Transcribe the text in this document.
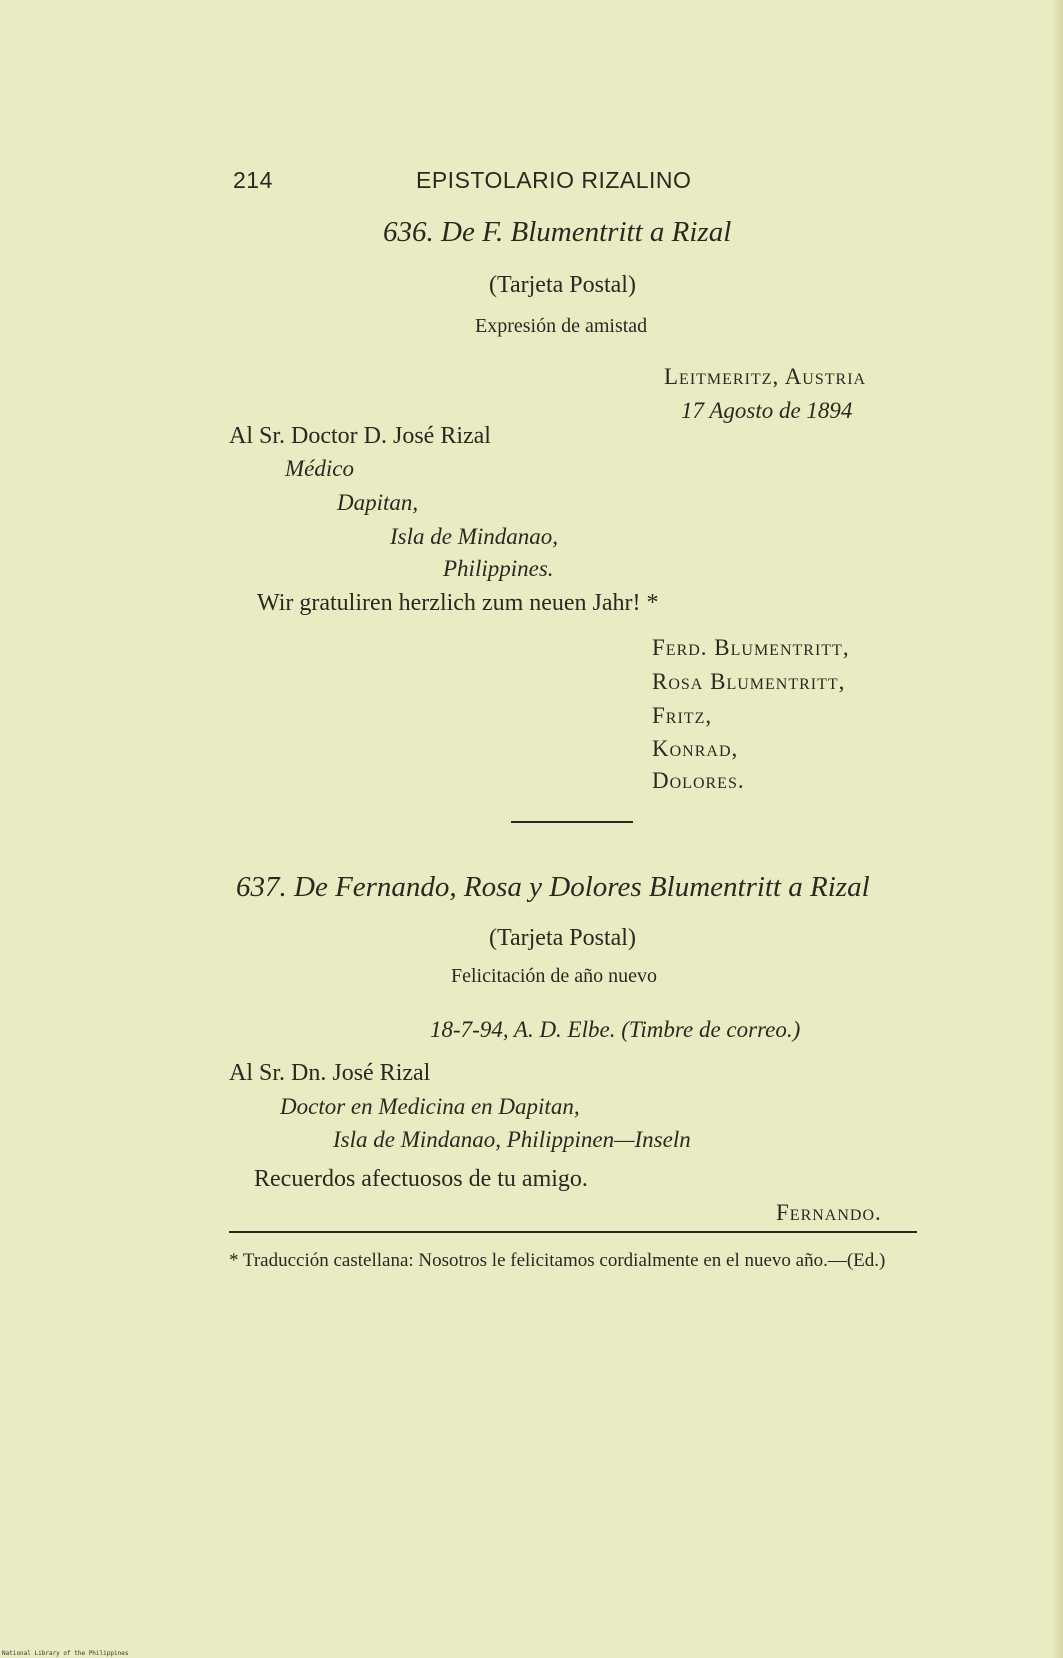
214	EPISTOLARIO RIZALINO
636. De F. Blumentritt a Rizal
(Tarjeta Postal)
Expresión de amistad
Leitmeritz, Austria
17 Agosto de 1894
Al Sr. Doctor D. José Rizal
Médico
Dapitan,
Isla de Mindanao,
Philippines.
Wir gratuliren herzlich zum neuen Jahr! *
Ferd. Blumentritt,
Rosa Blumentritt,
Fritz,
Konrad,
Dolores.
637. De Fernando, Rosa y Dolores Blumentritt a Rizal
(Tarjeta Postal)
Felicitación de año nuevo
18-7-94, A. D. Elbe. (Timbre de correo.)
Al Sr. Dn. José Rizal
Doctor en Medicina en Dapitan,
Isla de Mindanao, Philippinen—Inseln
Recuerdos afectuosos de tu amigo.
Fernando.
* Traducción castellana: Nosotros le felicitamos cordialmente en el nuevo año.—(Ed.)
National Library of the Philippines
